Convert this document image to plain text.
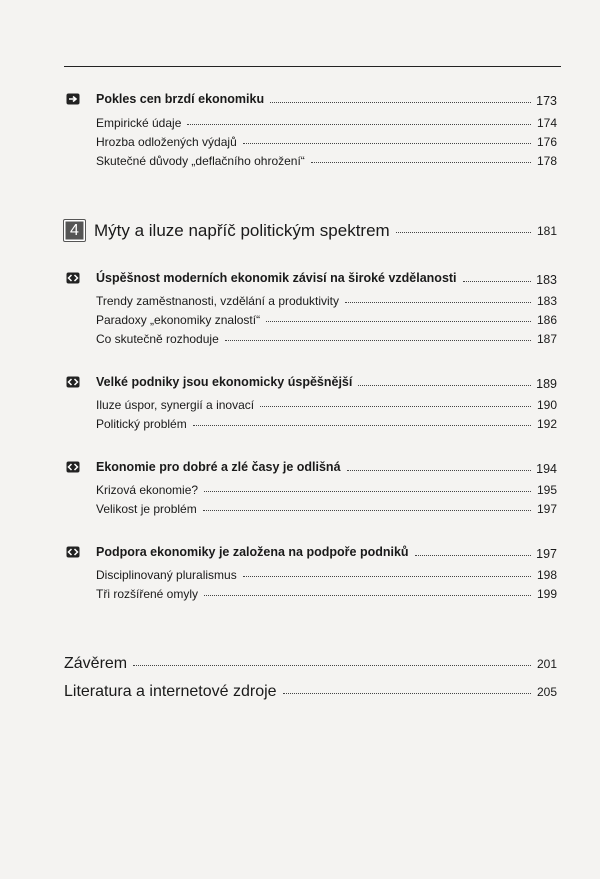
Pokles cen brzdí ekonomiku	173
Empirické údaje	174
Hrozba odložených výdajů	176
Skutečné důvody „deflačního ohrožení“	178
4 Mýty a iluze napříč politickým spektrem	181
Úspěšnost moderních ekonomik závisí na široké vzdělanosti	183
Trendy zaměstnanosti, vzdělání a produktivity	183
Paradoxy „ekonomiky znalostí“	186
Co skutečně rozhoduje	187
Velké podniky jsou ekonomicky úspěšnější	189
Iluze úspor, synergií a inovací	190
Politický problém	192
Ekonomie pro dobré a zlé časy je odlišná	194
Krizová ekonomie?	195
Velikost je problém	197
Podpora ekonomiky je založena na podpoře podniků	197
Disciplinovaný pluralismus	198
Tři rozšířené omyly	199
Závěrem	201
Literatura a internetové zdroje	205
